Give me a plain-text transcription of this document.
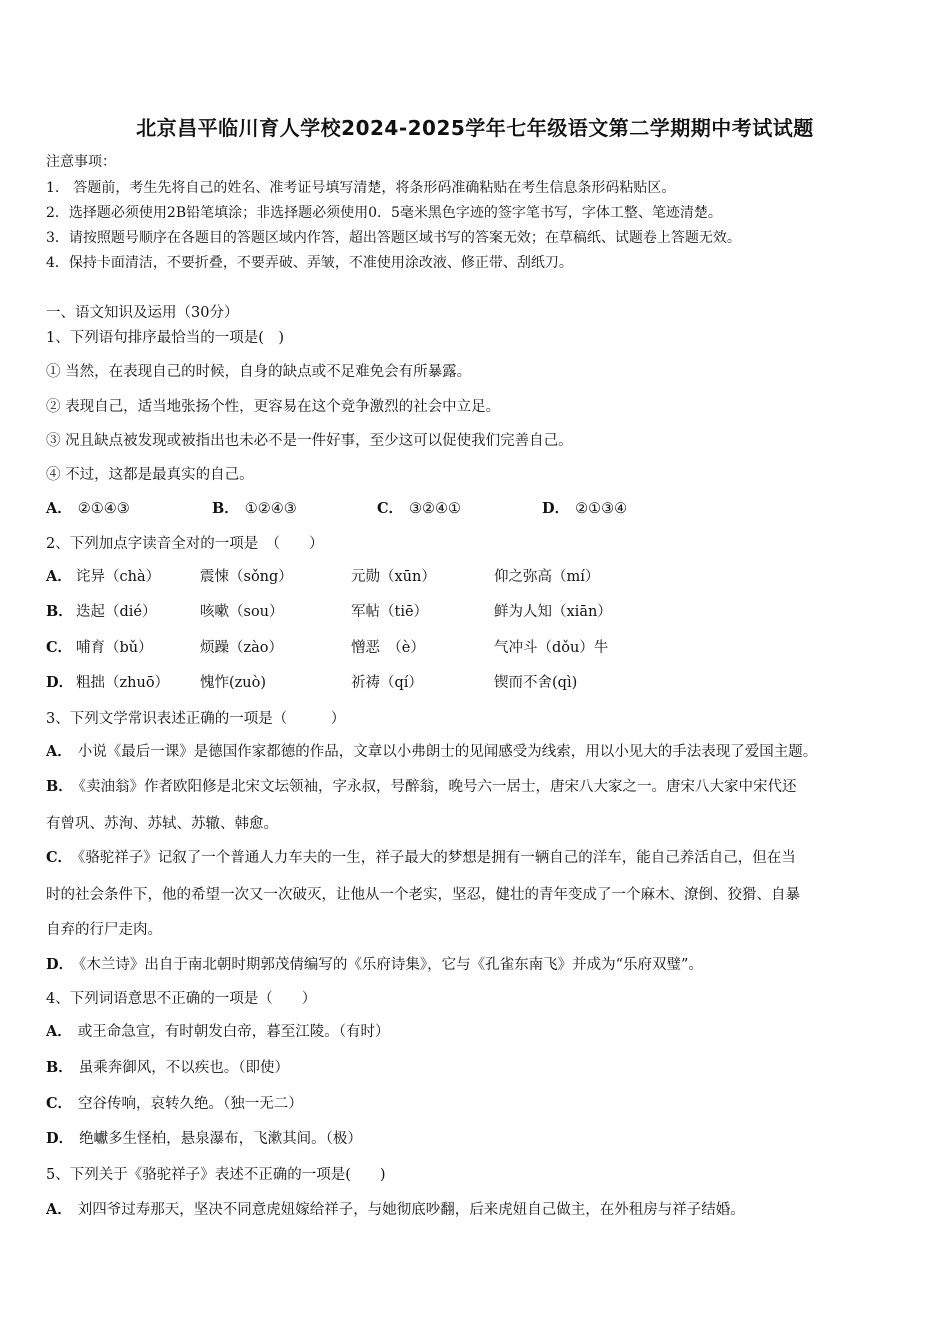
北京昌平临川育人学校2024-2025学年七年级语文第二学期期中考试试题
注意事项：
1.　答题前，考生先将自己的姓名、准考证号填写清楚，将条形码准确粘贴在考生信息条形码粘贴区。
2．选择题必须使用2B铅笔填涂；非选择题必须使用0．5毫米黑色字迹的签字笔书写，字体工整、笔迹清楚。
3．请按照题号顺序在各题目的答题区域内作答，超出答题区域书写的答案无效；在草稿纸、试题卷上答题无效。
4．保持卡面清洁，不要折叠，不要弄破、弄皱，不准使用涂改液、修正带、刮纸刀。
一、语文知识及运用（30分）
1、下列语句排序最恰当的一项是(　)
① 当然，在表现自己的时候，自身的缺点或不足难免会有所暴露。
② 表现自己，适当地张扬个性，更容易在这个竞争激烈的社会中立足。
③ 况且缺点被发现或被指出也未必不是一件好事，至少这可以促使我们完善自己。
④ 不过，这都是最真实的自己。
A． ②①④③	B． ①②④③	C． ③②④①	D． ②①③④
2、下列加点字读音全对的一项是　（　　）
A． 诧异（chà）	震悚（sǒng）	元勋（xūn）	仰之弥高（mí）
B． 迭起（dié）	咳嗽（sou）	军帖（tiē）	鲜为人知（xiān）
C． 哺育（bǔ）	烦躁（zào）	憎恶　（è）	气冲斗（dǒu）牛
D． 粗拙（zhuō） 愧怍(zuò)	祈祷（qí）	锲而不舍(qì)
3、下列文学常识表述正确的一项是（　　　）
A． 小说《最后一课》是德国作家都德的作品，文章以小弗朗士的见闻感受为线索，用以小见大的手法表现了爱国主题。
B． 《卖油翁》作者欧阳修是北宋文坛领袖，字永叔，号醉翁，晚号六一居士，唐宋八大家之一。唐宋八大家中宋代还
有曾巩、苏洵、苏轼、苏辙、韩愈。
C． 《骆驼祥子》记叙了一个普通人力车夫的一生，祥子最大的梦想是拥有一辆自己的洋车，能自己养活自己，但在当
时的社会条件下，他的希望一次又一次破灭，让他从一个老实，坚忍，健壮的青年变成了一个麻木、潦倒、狡猾、自暴
自弃的行尸走肉。
D． 《木兰诗》出自于南北朝时期郭茂倩编写的《乐府诗集》，它与《孔雀东南飞》并成为“乐府双璧”。
4、下列词语意思不正确的一项是（　　）
A． 或王命急宣，有时朝发白帝，暮至江陵。（有时）
B． 虽乘奔御风，不以疾也。（即使）
C． 空谷传响，哀转久绝。（独一无二）
D． 绝巘多生怪柏，悬泉瀑布，飞漱其间。（极）
5、下列关于《骆驼祥子》表述不正确的一项是(　　)
A． 刘四爷过寿那天，坚决不同意虎妞嫁给祥子，与她彻底吵翻，后来虎妞自己做主，在外租房与祥子结婚。
